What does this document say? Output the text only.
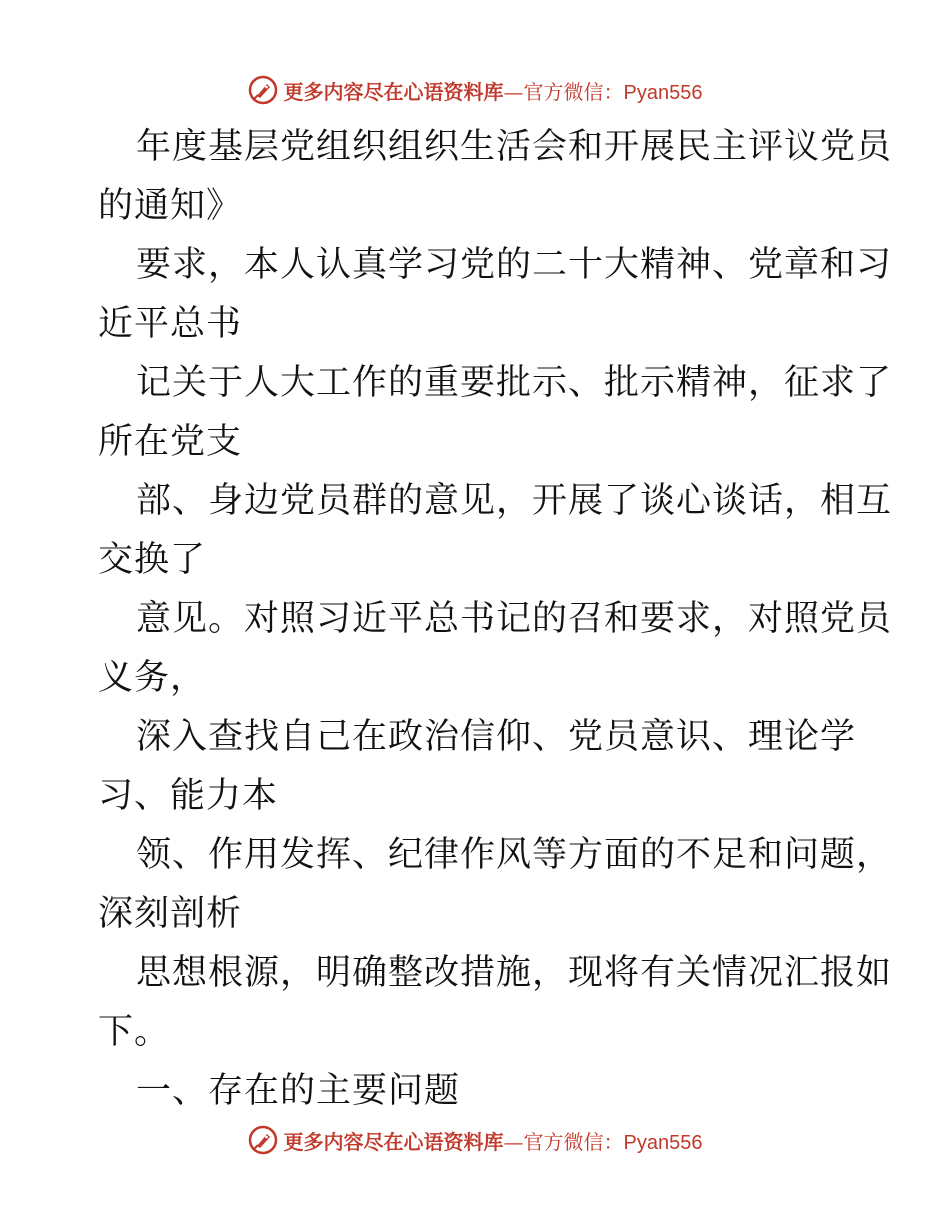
更多内容尽在心语资料库—官方微信：Pyan556
年度基层党组织组织生活会和开展民主评议党员
的通知》
要求，本人认真学习党的二十大精神、党章和习
近平总书
记关于人大工作的重要批示、批示精神，征求了
所在党支
部、身边党员群的意见，开展了谈心谈话，相互
交换了
意见。对照习近平总书记的召和要求，对照党员
义务，
深入查找自己在政治信仰、党员意识、理论学
习、能力本
领、作用发挥、纪律作风等方面的不足和问题，
深刻剖析
思想根源，明确整改措施，现将有关情况汇报如
下。
一、存在的主要问题
更多内容尽在心语资料库—官方微信：Pyan556
